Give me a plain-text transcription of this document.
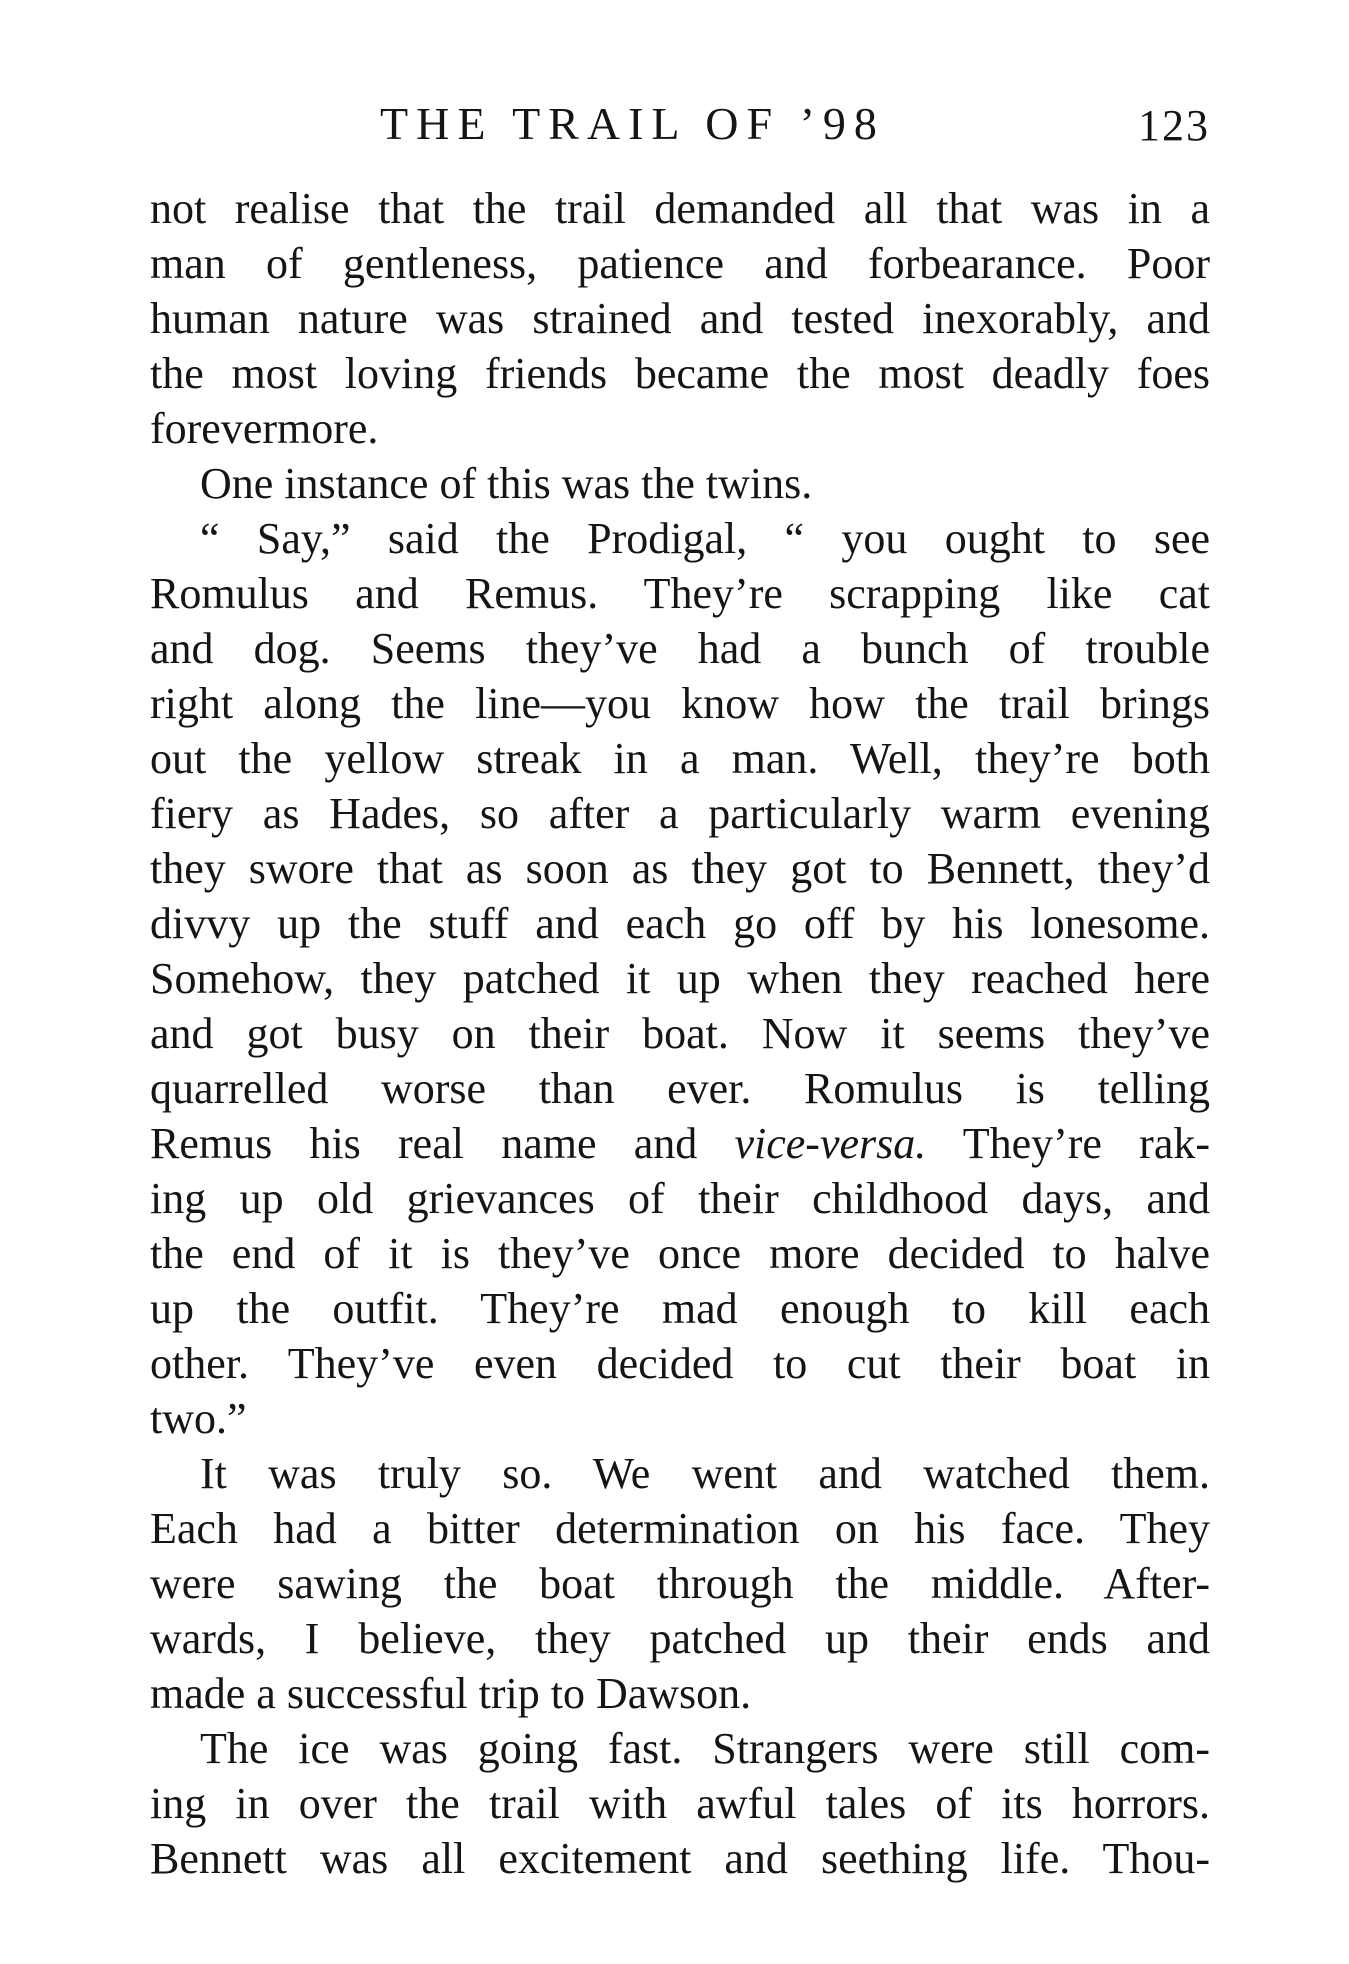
THE TRAIL OF ’98	123
not realise that the trail demanded all that was in a
man of gentleness, patience and forbearance. Poor
human nature was strained and tested inexorably, and
the most loving friends became the most deadly foes
forevermore.
One instance of this was the twins.
“ Say,” said the Prodigal, “ you ought to see
Romulus and Remus. They’re scrapping like cat
and dog. Seems they’ve had a bunch of trouble
right along the line—you know how the trail brings
out the yellow streak in a man. Well, they’re both
fiery as Hades, so after a particularly warm evening
they swore that as soon as they got to Bennett, they’d
divvy up the stuff and each go off by his lonesome.
Somehow, they patched it up when they reached here
and got busy on their boat. Now it seems they’ve
quarrelled worse than ever. Romulus is telling
Remus his real name and vice-versa. They’re rak-
ing up old grievances of their childhood days, and
the end of it is they’ve once more decided to halve
up the outfit. They’re mad enough to kill each
other. They’ve even decided to cut their boat in
two.”
It was truly so. We went and watched them.
Each had a bitter determination on his face. They
were sawing the boat through the middle. After-
wards, I believe, they patched up their ends and
made a successful trip to Dawson.
The ice was going fast. Strangers were still com-
ing in over the trail with awful tales of its horrors.
Bennett was all excitement and seething life. Thou-
